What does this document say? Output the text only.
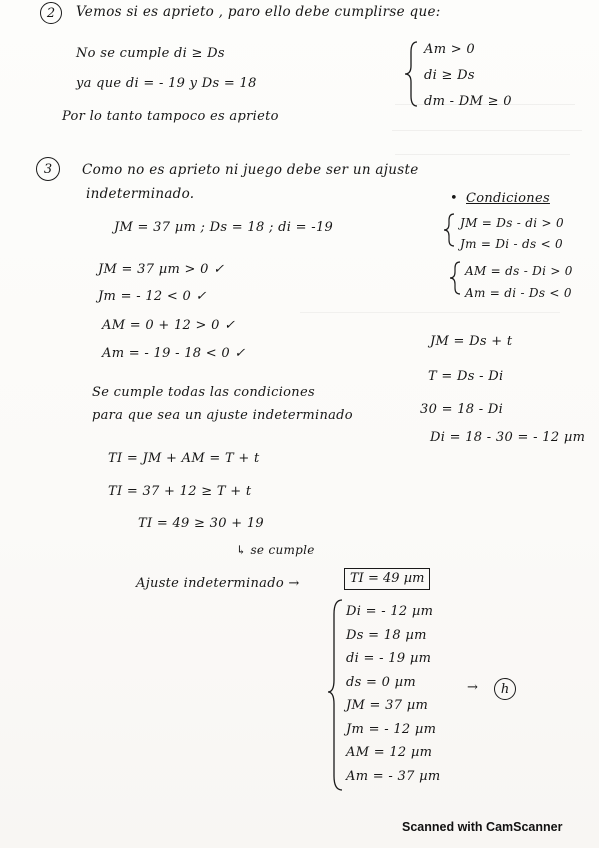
2	Vemos si es aprieto , paro ello debe cumplirse que:
No se cumple di ≥ Ds
ya que di = - 19 y Ds = 18
Am > 0
di ≥ Ds
dm - DM ≥ 0
Por lo tanto tampoco es aprieto
3	Como no es aprieto ni juego debe ser un ajuste
indeterminado.	• Condiciones
JM = 37 µm ; Ds = 18 ; di = -19	JM = Ds - di > 0
Jm = Di - ds < 0
JM = 37 µm > 0 ✓
Jm = - 12 < 0 ✓
AM = ds - Di > 0
Am = di - Ds < 0
AM = 0 + 12 > 0 ✓
Am = - 19 - 18 < 0 ✓
JM = Ds + t
T = Ds - Di
Se cumple todas las condiciones
para que sea un ajuste indeterminado	30 = 18 - Di
Di = 18 - 30 = - 12 µm
TI = JM + AM = T + t
TI = 37 + 12 ≥ T + t
TI = 49 ≥ 30 + 19
↳ se cumple
Ajuste indeterminado →	TI = 49 µm
Di = - 12 µm
Ds = 18 µm
di = - 19 µm
ds = 0 µm
JM = 37 µm
Jm = - 12 µm
AM = 12 µm
Am = - 37 µm
h
→
Scanned with CamScanner
